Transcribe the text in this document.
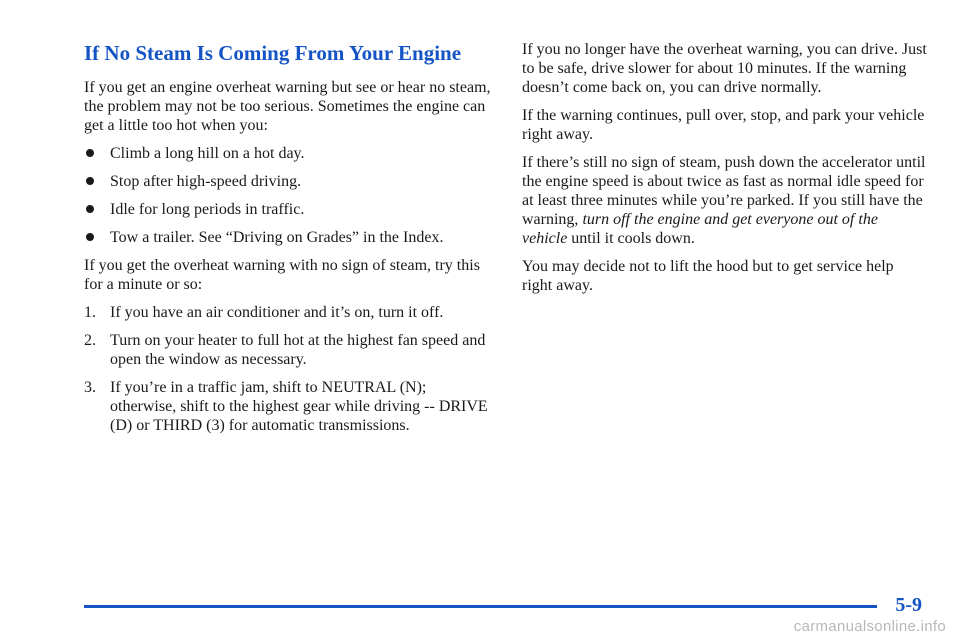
If No Steam Is Coming From Your Engine

If you get an engine overheat warning but see or hear no steam, the problem may not be too serious. Sometimes the engine can get a little too hot when you:

Climb a long hill on a hot day.
Stop after high‐speed driving.
Idle for long periods in traffic.
Tow a trailer. See “Driving on Grades” in the Index.

If you get the overheat warning with no sign of steam, try this for a minute or so:

1. If you have an air conditioner and it’s on, turn it off.
2. Turn on your heater to full hot at the highest fan speed and open the window as necessary.
3. If you’re in a traffic jam, shift to NEUTRAL (N); otherwise, shift to the highest gear while driving -- DRIVE (D) or THIRD (3) for automatic transmissions.

If you no longer have the overheat warning, you can drive. Just to be safe, drive slower for about 10 minutes. If the warning doesn’t come back on, you can drive normally.

If the warning continues, pull over, stop, and park your vehicle right away.

If there’s still no sign of steam, push down the accelerator until the engine speed is about twice as fast as normal idle speed for at least three minutes while you’re parked. If you still have the warning, turn off the engine and get everyone out of the vehicle until it cools down.

You may decide not to lift the hood but to get service help right away.

5-9
carmanualsonline.info
